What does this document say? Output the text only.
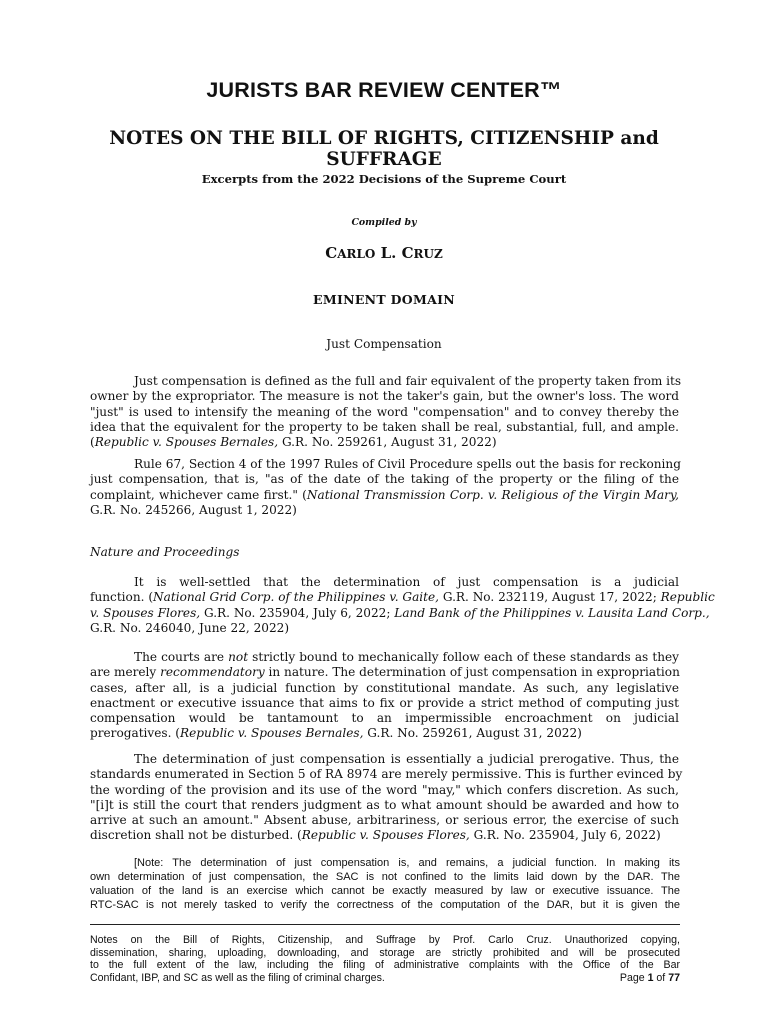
JURISTS BAR REVIEW CENTER™
NOTES ON THE BILL OF RIGHTS, CITIZENSHIP and
SUFFRAGE
Excerpts from the 2022 Decisions of the Supreme Court
Compiled by
CARLO L. CRUZ
EMINENT DOMAIN
Just Compensation
Just compensation is defined as the full and fair equivalent of the property taken from its
owner by the expropriator. The measure is not the taker's gain, but the owner's loss. The word
"just" is used to intensify the meaning of the word "compensation" and to convey thereby the
idea that the equivalent for the property to be taken shall be real, substantial, full, and ample.
(Republic v. Spouses Bernales, G.R. No. 259261, August 31, 2022)
Rule 67, Section 4 of the 1997 Rules of Civil Procedure spells out the basis for reckoning
just compensation, that is, "as of the date of the taking of the property or the filing of the
complaint, whichever came first." (National Transmission Corp. v. Religious of the Virgin Mary,
G.R. No. 245266, August 1, 2022)
Nature and Proceedings
It is well-settled that the determination of just compensation is a judicial
function. (National Grid Corp. of the Philippines v. Gaite, G.R. No. 232119, August 17, 2022; Republic
v. Spouses Flores, G.R. No. 235904, July 6, 2022; Land Bank of the Philippines v. Lausita Land Corp.,
G.R. No. 246040, June 22, 2022)
The courts are not strictly bound to mechanically follow each of these standards as they
are merely recommendatory in nature. The determination of just compensation in expropriation
cases, after all, is a judicial function by constitutional mandate. As such, any legislative
enactment or executive issuance that aims to fix or provide a strict method of computing just
compensation would be tantamount to an impermissible encroachment on judicial
prerogatives. (Republic v. Spouses Bernales, G.R. No. 259261, August 31, 2022)
The determination of just compensation is essentially a judicial prerogative. Thus, the
standards enumerated in Section 5 of RA 8974 are merely permissive. This is further evinced by
the wording of the provision and its use of the word "may," which confers discretion. As such,
"[i]t is still the court that renders judgment as to what amount should be awarded and how to
arrive at such an amount." Absent abuse, arbitrariness, or serious error, the exercise of such
discretion shall not be disturbed. (Republic v. Spouses Flores, G.R. No. 235904, July 6, 2022)
[Note: The determination of just compensation is, and remains, a judicial function. In making its
own determination of just compensation, the SAC is not confined to the limits laid down by the DAR. The
valuation of the land is an exercise which cannot be exactly measured by law or executive issuance. The
RTC-SAC is not merely tasked to verify the correctness of the computation of the DAR, but it is given the
Notes on the Bill of Rights, Citizenship, and Suffrage by Prof. Carlo Cruz. Unauthorized copying,
dissemination, sharing, uploading, downloading, and storage are strictly prohibited and will be prosecuted
to the full extent of the law, including the filing of administrative complaints with the Office of the Bar
Confidant, IBP, and SC as well as the filing of criminal charges.	Page 1 of 77
